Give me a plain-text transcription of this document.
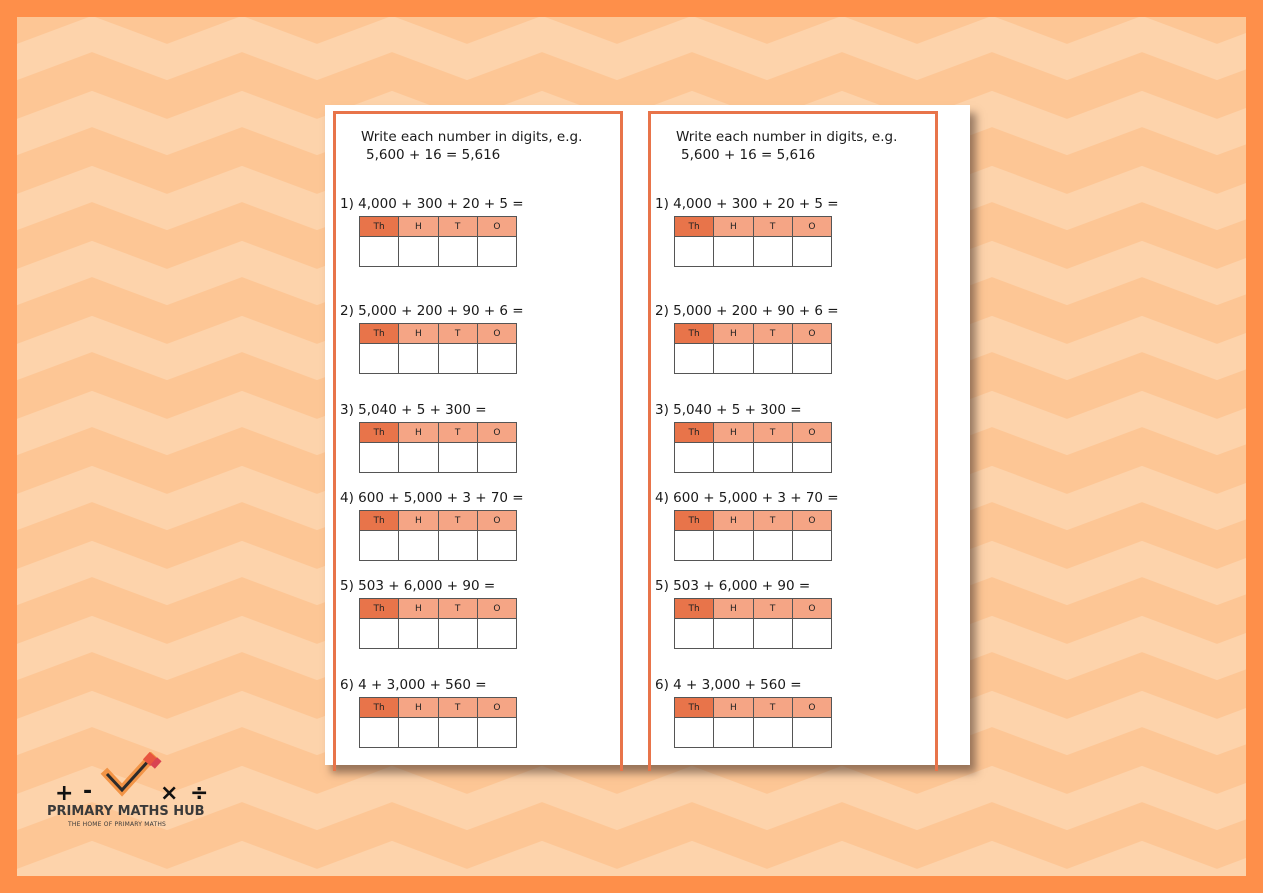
Write each number in digits, e.g.

5,600 + 16 = 5,616
1) 4,000 + 300 + 20 + 5 =
Th	H	T	O

2) 5,000 + 200 + 90 + 6 =
Th	H	T	O

3) 5,040 + 5 + 300 =
Th	H	T	O

4) 600 + 5,000 + 3 + 70 =
Th	H	T	O

5) 503 + 6,000 + 90 =
Th	H	T	O

6) 4 + 3,000 + 560 =
Th	H	T	O

Write each number in digits, e.g.

5,600 + 16 = 5,616
1) 4,000 + 300 + 20 + 5 =
Th	H	T	O

2) 5,000 + 200 + 90 + 6 =
Th	H	T	O

3) 5,040 + 5 + 300 =
Th	H	T	O

4) 600 + 5,000 + 3 + 70 =
Th	H	T	O

5) 503 + 6,000 + 90 =
Th	H	T	O

6) 4 + 3,000 + 560 =
Th	H	T	O

+ -	× ÷
PRIMARY MATHS HUB
THE HOME OF PRIMARY MATHS
